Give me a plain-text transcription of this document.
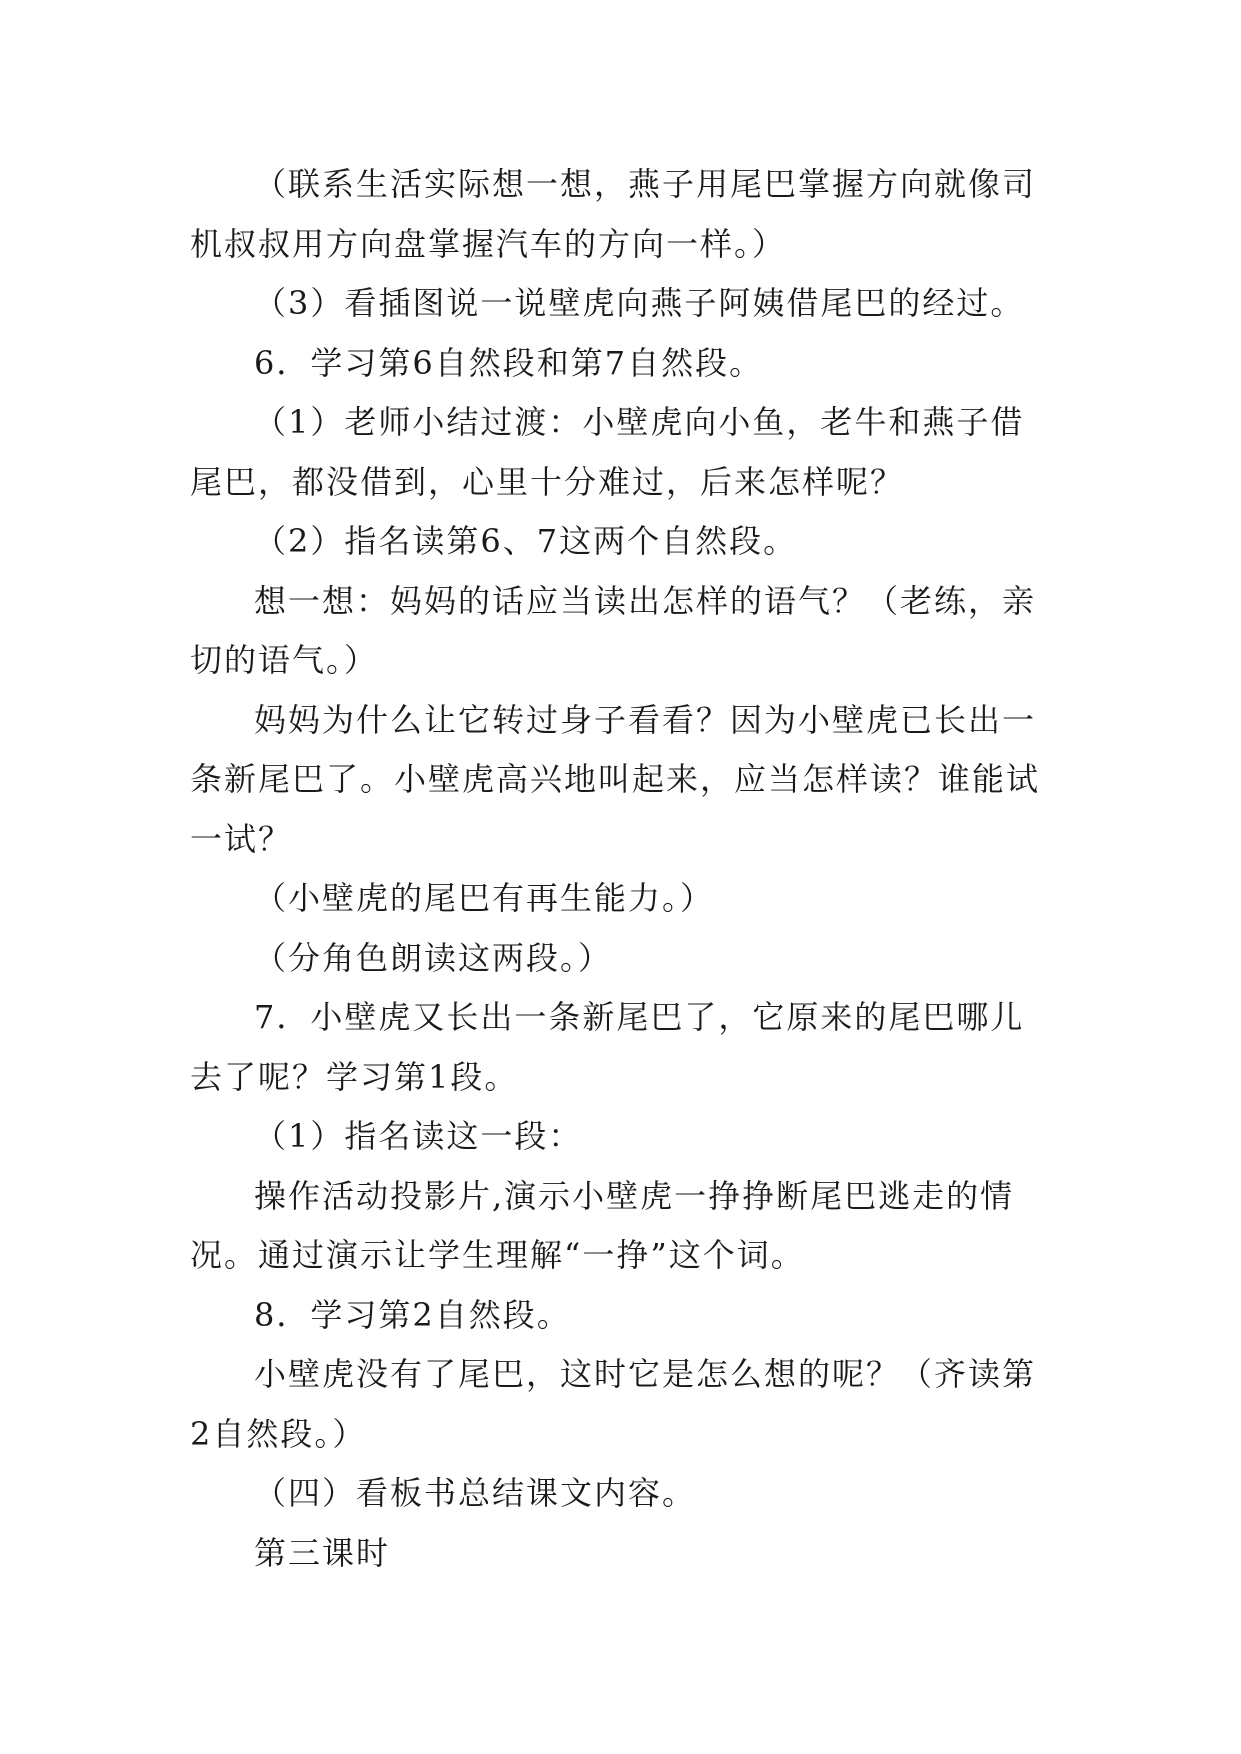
（联系生活实际想一想，燕子用尾巴掌握方向就像司机叔叔用方向盘掌握汽车的方向一样。）

（3）看插图说一说壁虎向燕子阿姨借尾巴的经过。

6．学习第6自然段和第7自然段。

（1）老师小结过渡：小壁虎向小鱼，老牛和燕子借尾巴，都没借到，心里十分难过，后来怎样呢？

（2）指名读第6、7这两个自然段。

想一想：妈妈的话应当读出怎样的语气？（老练，亲切的语气。）

妈妈为什么让它转过身子看看？因为小壁虎已长出一条新尾巴了。小壁虎高兴地叫起来，应当怎样读？谁能试一试？

（小壁虎的尾巴有再生能力。）

（分角色朗读这两段。）

7．小壁虎又长出一条新尾巴了，它原来的尾巴哪儿去了呢？学习第1段。

（1）指名读这一段：

操作活动投影片,演示小壁虎一挣挣断尾巴逃走的情况。通过演示让学生理解“一挣”这个词。

8．学习第2自然段。

小壁虎没有了尾巴，这时它是怎么想的呢？（齐读第2自然段。）

（四）看板书总结课文内容。

第三课时
